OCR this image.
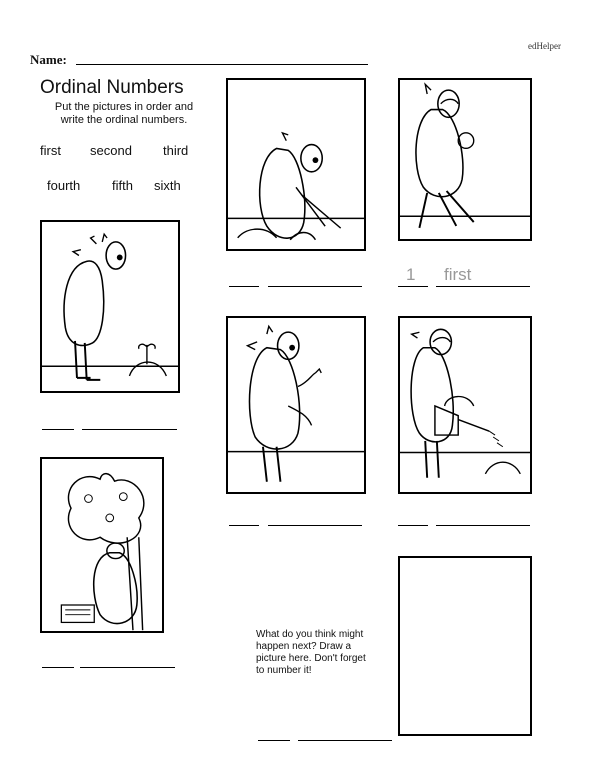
edHelper
Name:
Ordinal Numbers
Put the pictures in order and
write the ordinal numbers.
first second third
fourth fifth sixth
1 first
What do you think might
happen next? Draw a
picture here. Don't forget
to number it!
